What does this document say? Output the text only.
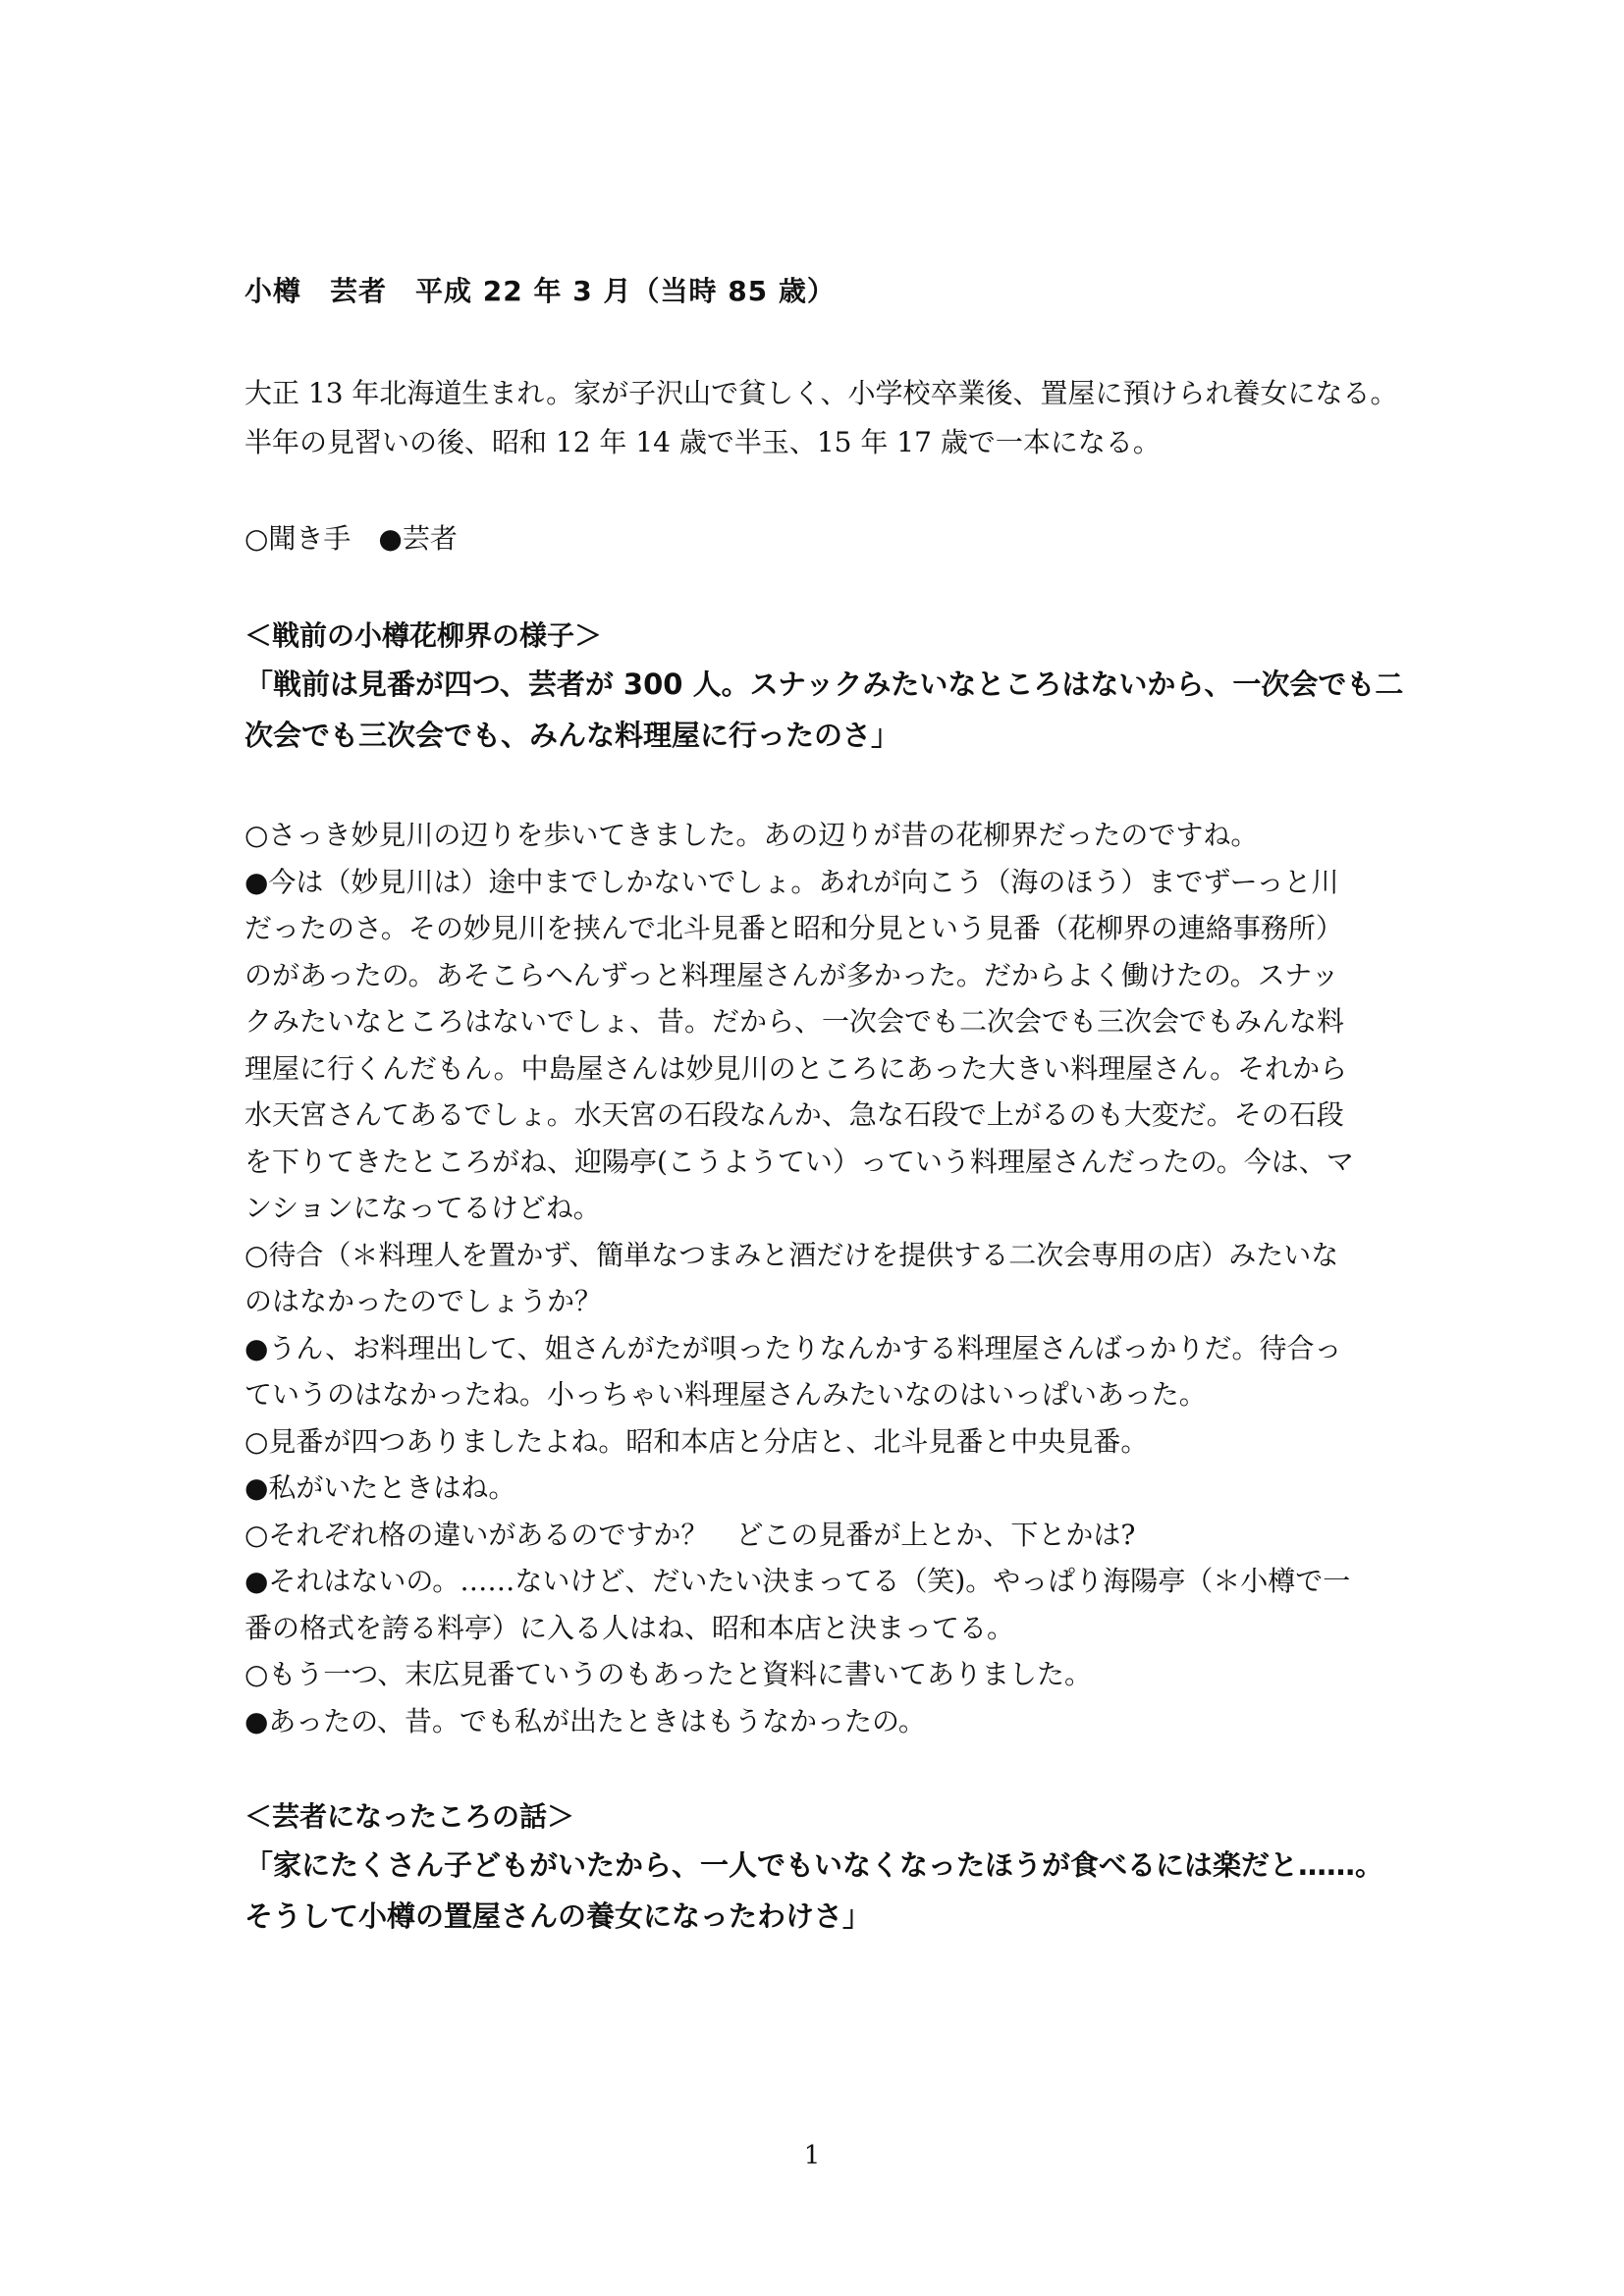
小樽　芸者　平成 22 年 3 月（当時 85 歳）

大正 13 年北海道生まれ。家が子沢山で貧しく、小学校卒業後、置屋に預けられ養女になる。

半年の見習いの後、昭和 12 年 14 歳で半玉、15 年 17 歳で一本になる。

○聞き手　●芸者

＜戦前の小樽花柳界の様子＞

「戦前は見番が四つ、芸者が 300 人。スナックみたいなところはないから、一次会でも二

次会でも三次会でも、みんな料理屋に行ったのさ」

○さっき妙見川の辺りを歩いてきました。あの辺りが昔の花柳界だったのですね。

●今は（妙見川は）途中までしかないでしょ。あれが向こう（海のほう）までずーっと川

だったのさ。その妙見川を挟んで北斗見番と昭和分見という見番（花柳界の連絡事務所）

のがあったの。あそこらへんずっと料理屋さんが多かった。だからよく働けたの。スナッ

クみたいなところはないでしょ、昔。だから、一次会でも二次会でも三次会でもみんな料

理屋に行くんだもん。中島屋さんは妙見川のところにあった大きい料理屋さん。それから

水天宮さんてあるでしょ。水天宮の石段なんか、急な石段で上がるのも大変だ。その石段

を下りてきたところがね、迎陽亭(こうようてい）っていう料理屋さんだったの。今は、マ

ンションになってるけどね。

○待合（＊料理人を置かず、簡単なつまみと酒だけを提供する二次会専用の店）みたいな

のはなかったのでしょうか？

●うん、お料理出して、姐さんがたが唄ったりなんかする料理屋さんばっかりだ。待合っ

ていうのはなかったね。小っちゃい料理屋さんみたいなのはいっぱいあった。

○見番が四つありましたよね。昭和本店と分店と、北斗見番と中央見番。

●私がいたときはね。

○それぞれ格の違いがあるのですか？　どこの見番が上とか、下とかは?

●それはないの。……ないけど、だいたい決まってる（笑)。やっぱり海陽亭（＊小樽で一

番の格式を誇る料亭）に入る人はね、昭和本店と決まってる。

○もう一つ、末広見番ていうのもあったと資料に書いてありました。

●あったの、昔。でも私が出たときはもうなかったの。

＜芸者になったころの話＞

「家にたくさん子どもがいたから、一人でもいなくなったほうが食べるには楽だと……。

そうして小樽の置屋さんの養女になったわけさ」

1
